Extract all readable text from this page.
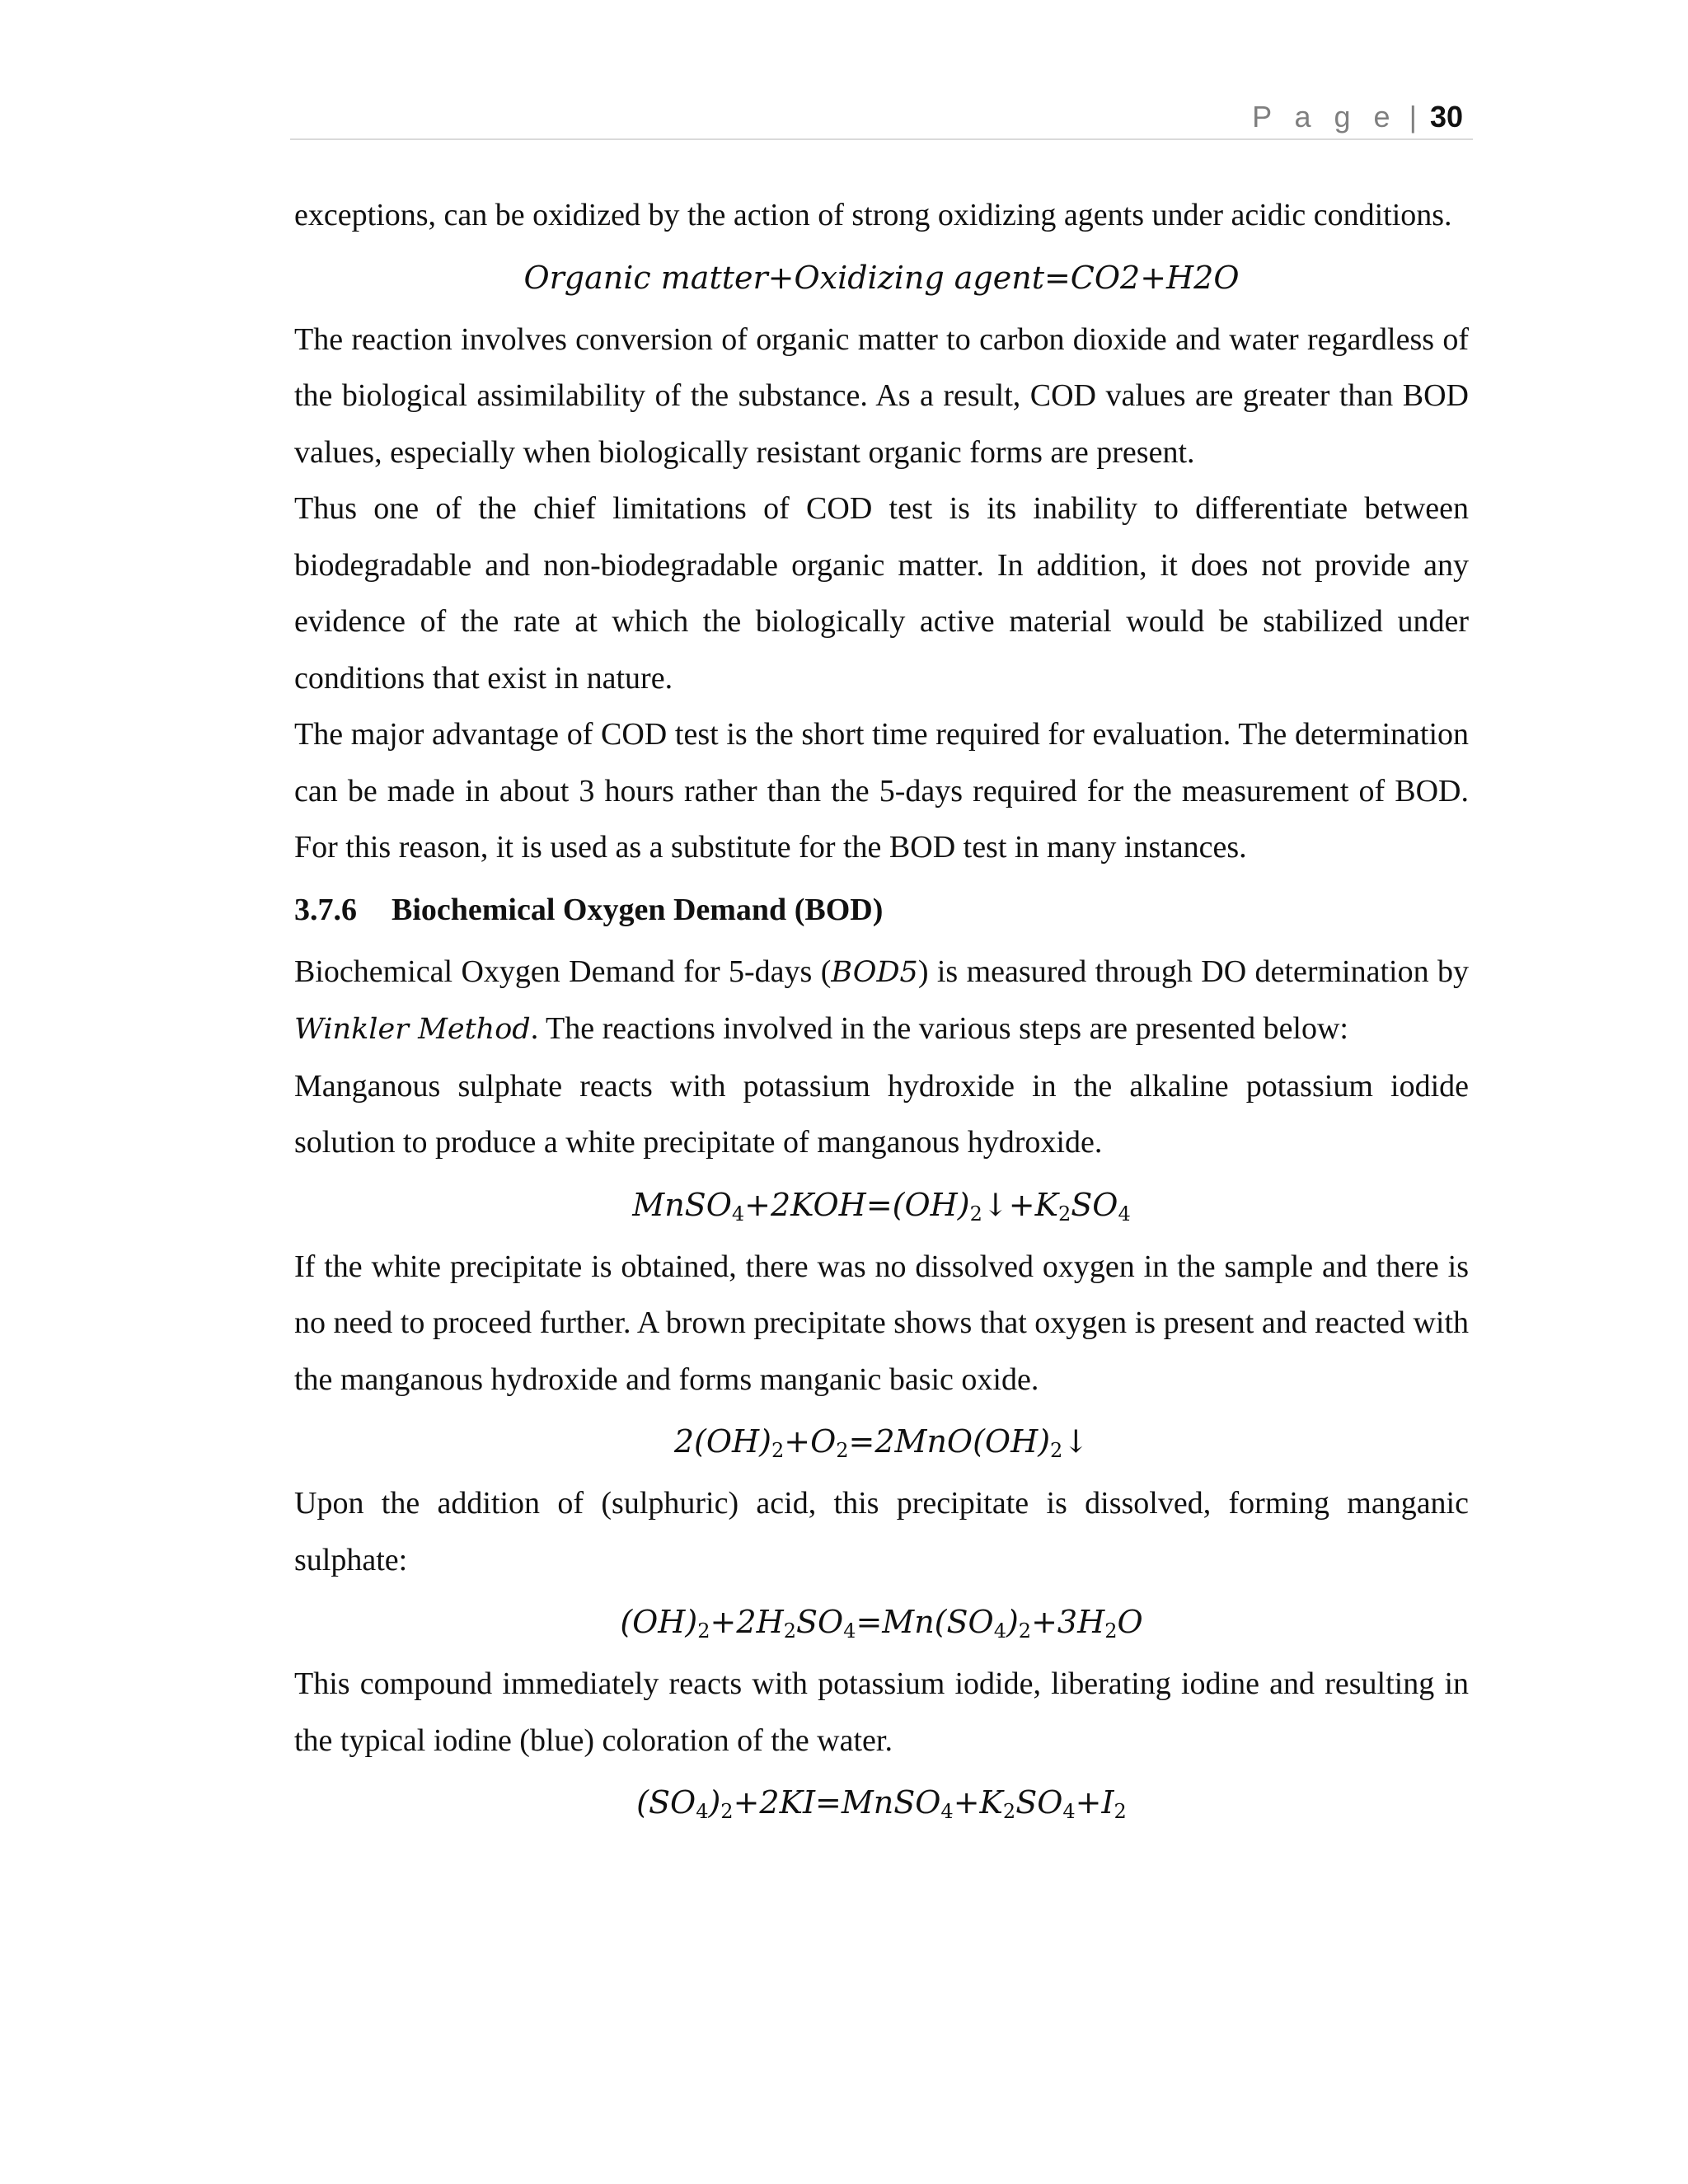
P a g e | 30

exceptions, can be oxidized by the action of strong oxidizing agents under acidic conditions.

Organic matter+Oxidizing agent=CO2+H2O

The reaction involves conversion of organic matter to carbon dioxide and water regardless of the biological assimilability of the substance. As a result, COD values are greater than BOD values, especially when biologically resistant organic forms are present.

Thus one of the chief limitations of COD test is its inability to differentiate between biodegradable and non-biodegradable organic matter. In addition, it does not provide any evidence of the rate at which the biologically active material would be stabilized under conditions that exist in nature.

The major advantage of COD test is the short time required for evaluation. The determination can be made in about 3 hours rather than the 5-days required for the measurement of BOD. For this reason, it is used as a substitute for the BOD test in many instances.

3.7.6 Biochemical Oxygen Demand (BOD)

Biochemical Oxygen Demand for 5-days (BOD5) is measured through DO determination by Winkler Method. The reactions involved in the various steps are presented below:

Manganous sulphate reacts with potassium hydroxide in the alkaline potassium iodide solution to produce a white precipitate of manganous hydroxide.

$MnSO_4+2KOH=(OH)_2↓+K_2SO_4$

If the white precipitate is obtained, there was no dissolved oxygen in the sample and there is no need to proceed further. A brown precipitate shows that oxygen is present and reacted with the manganous hydroxide and forms manganic basic oxide.

$2(OH)_2+O_2=2MnO(OH)_2↓$

Upon the addition of (sulphuric) acid, this precipitate is dissolved, forming manganic sulphate:

$(OH)_2+2H_2SO_4=Mn(SO_4)_2+3H_2O$

This compound immediately reacts with potassium iodide, liberating iodine and resulting in the typical iodine (blue) coloration of the water.

$(SO_4)_2+2KI=MnSO_4+K_2SO_4+I_2$
